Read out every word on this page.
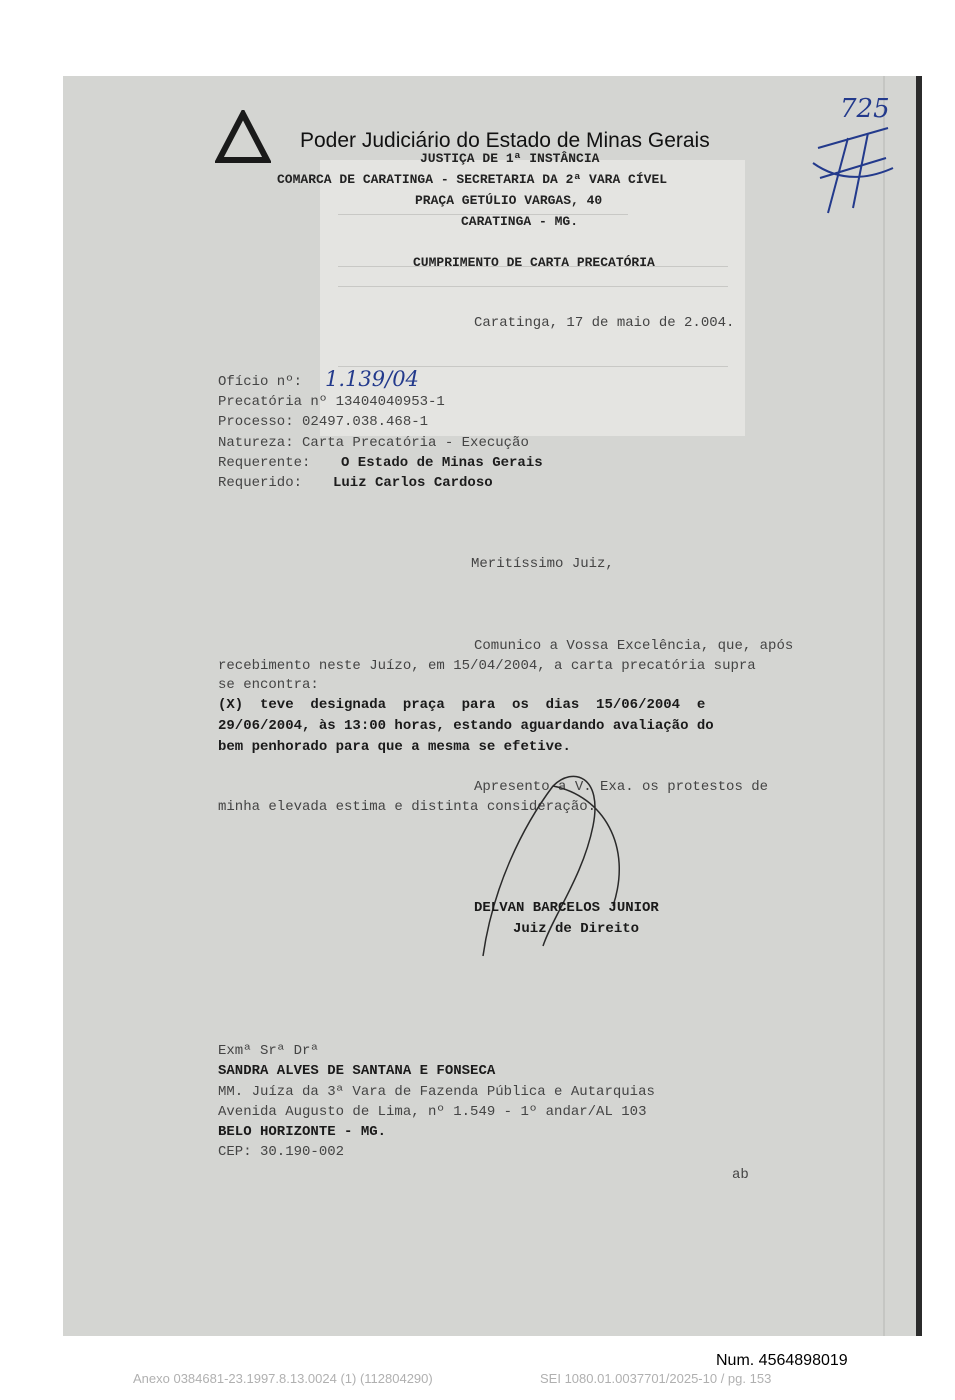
Poder Judiciário do Estado de Minas Gerais
JUSTIÇA DE 1ª INSTÂNCIA
COMARCA DE CARATINGA - SECRETARIA DA 2ª VARA CÍVEL
PRAÇA GETÚLIO VARGAS, 40
CARATINGA - MG.
CUMPRIMENTO DE CARTA PRECATÓRIA
725
Caratinga, 17 de maio de 2.004.
Ofício nº: 1.139/04
Precatória nº 13404040953-1
Processo: 02497.038.468-1
Natureza: Carta Precatória - Execução
Requerente: O Estado de Minas Gerais
Requerido: Luiz Carlos Cardoso
Meritíssimo Juiz,
Comunico a Vossa Excelência, que, após
recebimento neste Juízo, em 15/04/2004, a carta precatória supra
se encontra:
(X)  teve  designada  praça  para  os  dias  15/06/2004  e
29/06/2004, às 13:00 horas, estando aguardando avaliação do
bem penhorado para que a mesma se efetive.
Apresento a V. Exa. os protestos de
minha elevada estima e distinta consideração.
DELVAN BARCELOS JUNIOR
Juiz de Direito
Exmª Srª Drª
SANDRA ALVES DE SANTANA E FONSECA
MM. Juíza da 3ª Vara de Fazenda Pública e Autarquias
Avenida Augusto de Lima, nº 1.549 - 1º andar/AL 103
BELO HORIZONTE - MG.
CEP: 30.190-002
ab
Num. 4564898019
Anexo 0384681-23.1997.8.13.0024 (1) (112804290)	SEI 1080.01.0037701/2025-10 / pg. 153
